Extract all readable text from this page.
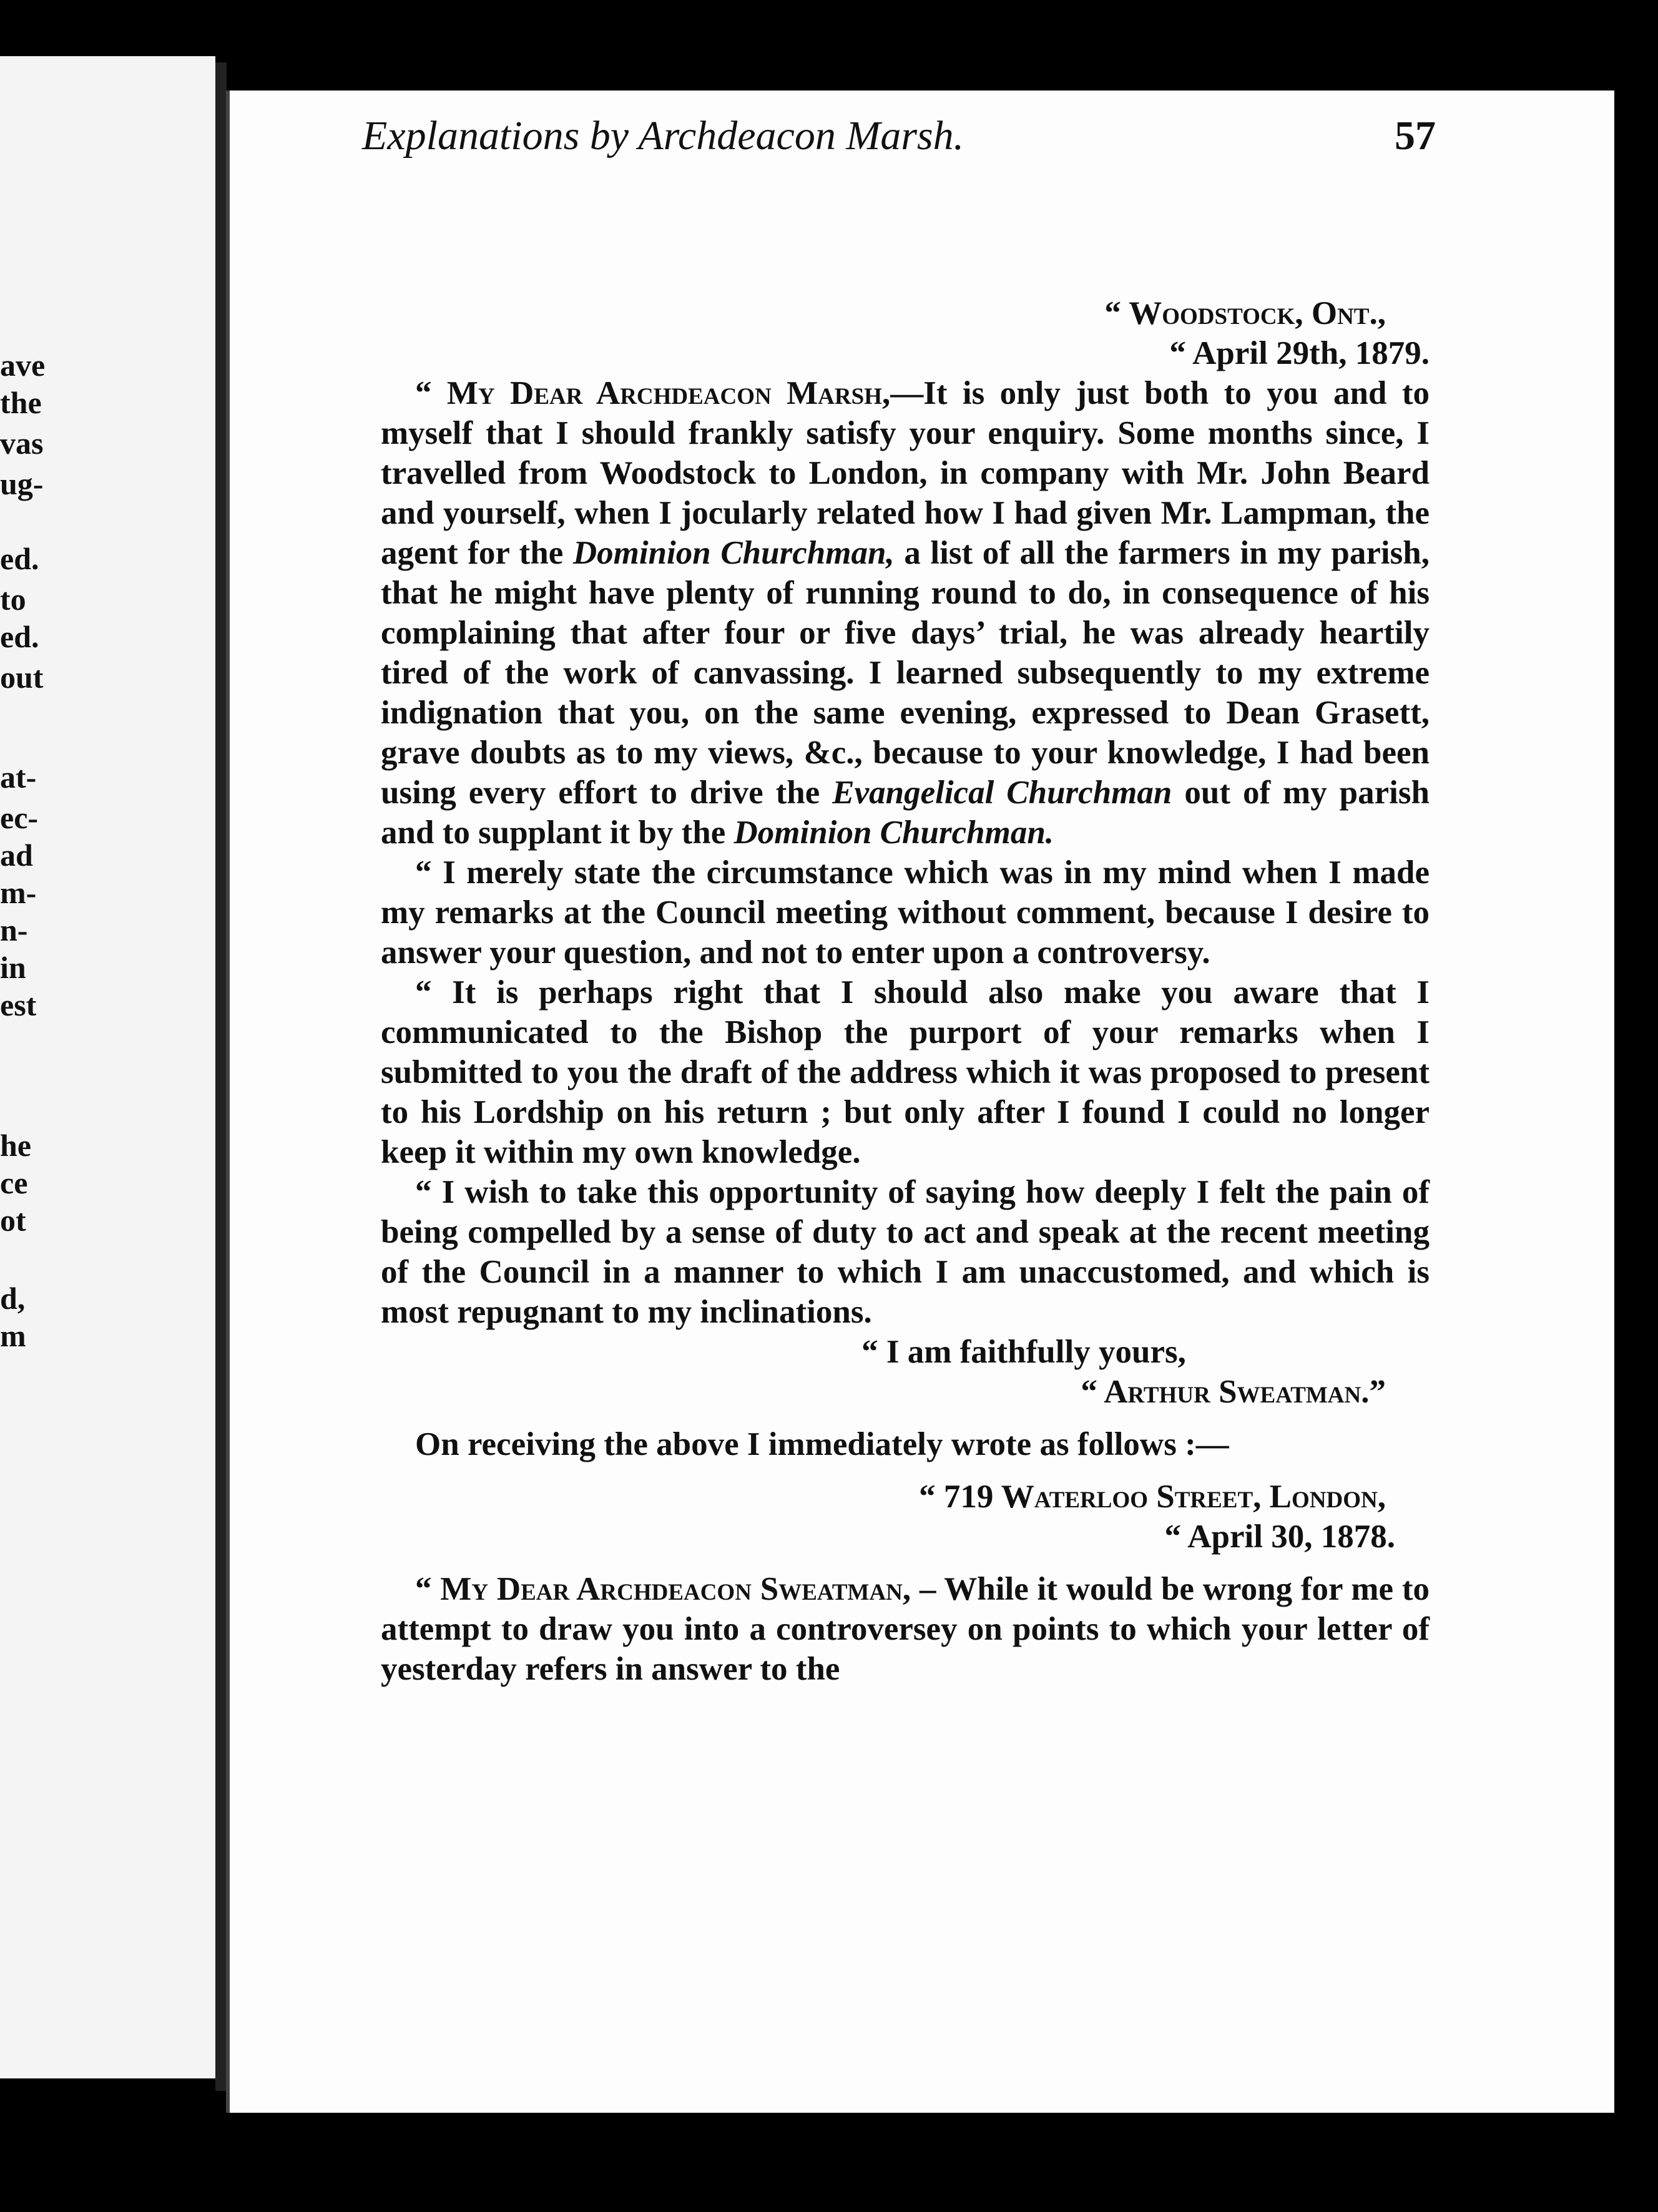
ave
the
vas
ug-
ed.
to
ed.
out
at-
ec-
ad
m-
n-
in
est
he
ce
ot
d,
m
Explanations by Archdeacon Marsh.	57

“ Woodstock, Ont.,

“ April 29th, 1879.

“ My Dear Archdeacon Marsh,—It is only just both to you and to myself that I should frankly satisfy your enquiry. Some months since, I travelled from Woodstock to London, in company with Mr. John Beard and yourself, when I jocularly related how I had given Mr. Lampman, the agent for the Dominion Churchman, a list of all the farmers in my parish, that he might have plenty of running round to do, in consequence of his complaining that after four or five days’ trial, he was already heartily tired of the work of canvassing. I learned subsequently to my extreme indignation that you, on the same evening, expressed to Dean Grasett, grave doubts as to my views, &c., because to your knowledge, I had been using every effort to drive the Evangelical Churchman out of my parish and to supplant it by the Dominion Churchman.

“ I merely state the circumstance which was in my mind when I made my remarks at the Council meeting without comment, because I desire to answer your question, and not to enter upon a controversy.

“ It is perhaps right that I should also make you aware that I communicated to the Bishop the purport of your remarks when I submitted to you the draft of the address which it was proposed to present to his Lordship on his return ; but only after I found I could no longer keep it within my own knowledge.

“ I wish to take this opportunity of saying how deeply I felt the pain of being compelled by a sense of duty to act and speak at the recent meeting of the Council in a manner to which I am unaccustomed, and which is most repugnant to my inclinations.

“ I am faithfully yours,

“ Arthur Sweatman.”

On receiving the above I immediately wrote as follows :—

“ 719 Waterloo Street, London,

“ April 30, 1878.

“ My Dear Archdeacon Sweatman, – While it would be wrong for me to attempt to draw you into a controversey on points to which your letter of yesterday refers in answer to the
